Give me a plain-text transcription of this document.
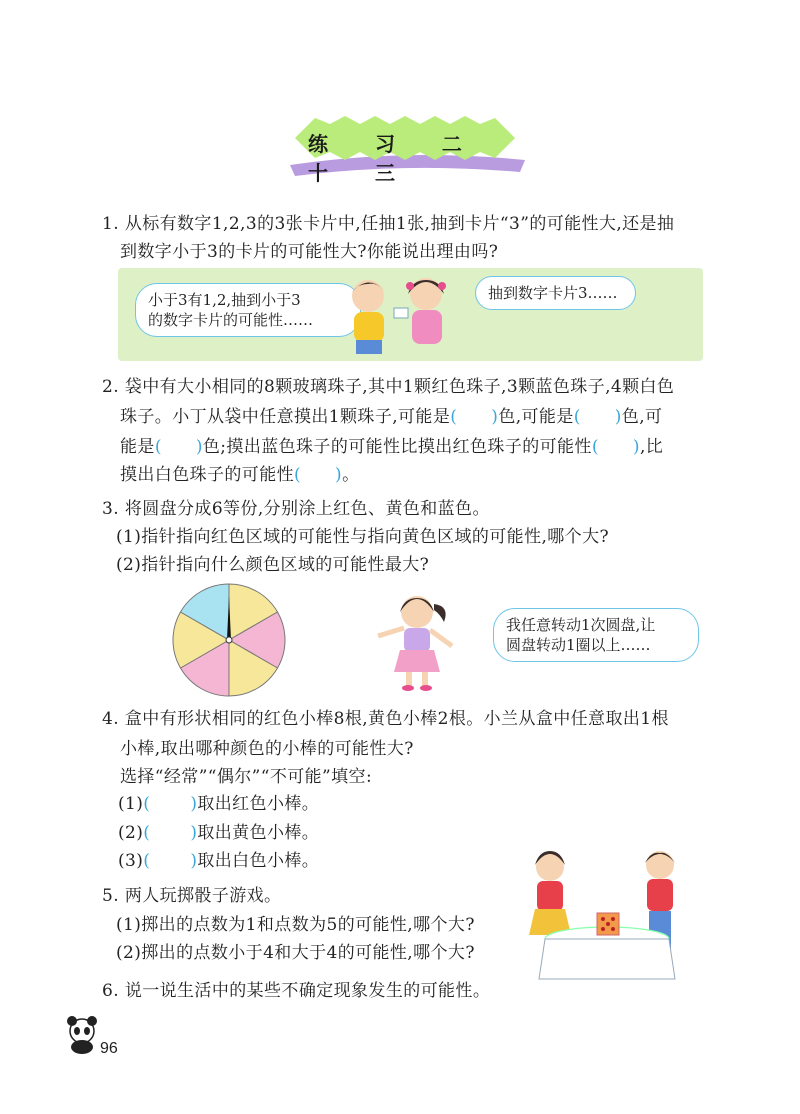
练 习 二 十 三
1. 从标有数字1,2,3的3张卡片中,任抽1张,抽到卡片“3”的可能性大,还是抽
到数字小于3的卡片的可能性大?你能说出理由吗?
小于3有1,2,抽到小于3
的数字卡片的可能性……
抽到数字卡片3……
2. 袋中有大小相同的8颗玻璃珠子,其中1颗红色珠子,3颗蓝色珠子,4颗白色
珠子。小丁从袋中任意摸出1颗珠子,可能是( )色,可能是( )色,可
能是( )色;摸出蓝色珠子的可能性比摸出红色珠子的可能性( ),比
摸出白色珠子的可能性( )。
3. 将圆盘分成6等份,分别涂上红色、黄色和蓝色。
(1)指针指向红色区域的可能性与指向黄色区域的可能性,哪个大?
(2)指针指向什么颜色区域的可能性最大?
我任意转动1次圆盘,让
圆盘转动1圈以上……
4. 盒中有形状相同的红色小棒8根,黄色小棒2根。小兰从盒中任意取出1根
小棒,取出哪种颜色的小棒的可能性大?
选择“经常”“偶尔”“不可能”填空:
(1)( )取出红色小棒。
(2)( )取出黄色小棒。
(3)( )取出白色小棒。
5. 两人玩掷骰子游戏。
(1)掷出的点数为1和点数为5的可能性,哪个大?
(2)掷出的点数小于4和大于4的可能性,哪个大?
6. 说一说生活中的某些不确定现象发生的可能性。
96
